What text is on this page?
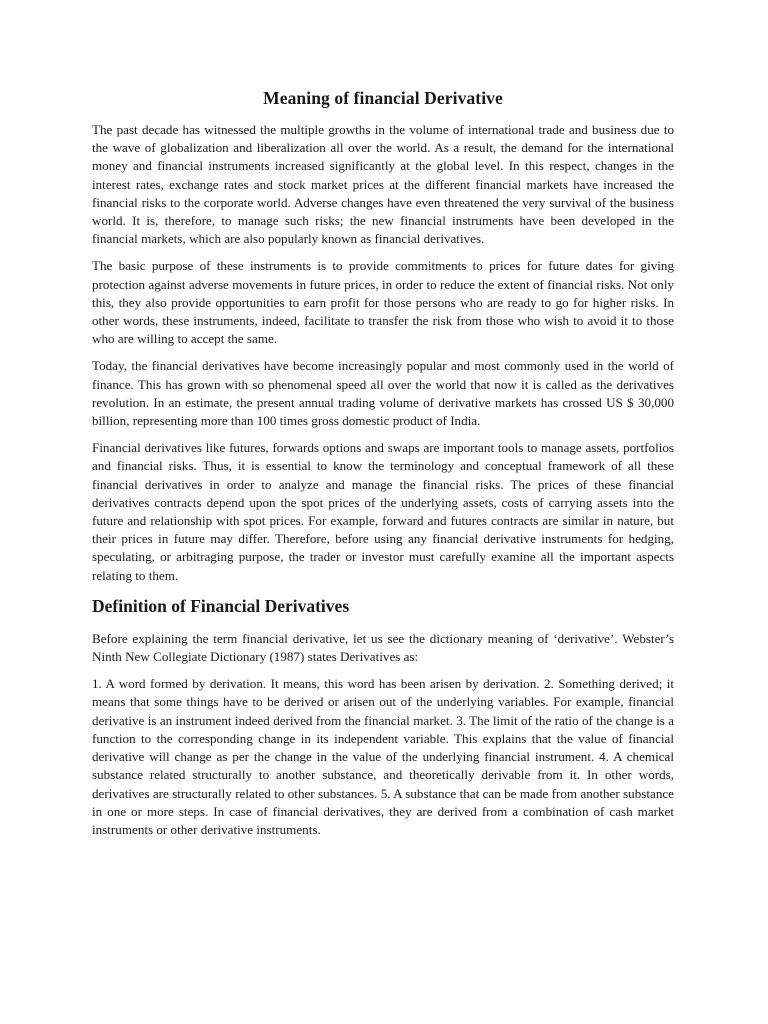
Meaning of financial Derivative

The past decade has witnessed the multiple growths in the volume of international trade and business due to the wave of globalization and liberalization all over the world. As a result, the demand for the international money and financial instruments increased significantly at the global level. In this respect, changes in the interest rates, exchange rates and stock market prices at the different financial markets have increased the financial risks to the corporate world. Adverse changes have even threatened the very survival of the business world. It is, therefore, to manage such risks; the new financial instruments have been developed in the financial markets, which are also popularly known as financial derivatives.

The basic purpose of these instruments is to provide commitments to prices for future dates for giving protection against adverse movements in future prices, in order to reduce the extent of financial risks. Not only this, they also provide opportunities to earn profit for those persons who are ready to go for higher risks. In other words, these instruments, indeed, facilitate to transfer the risk from those who wish to avoid it to those who are willing to accept the same.

Today, the financial derivatives have become increasingly popular and most commonly used in the world of finance. This has grown with so phenomenal speed all over the world that now it is called as the derivatives revolution. In an estimate, the present annual trading volume of derivative markets has crossed US $ 30,000 billion, representing more than 100 times gross domestic product of India.

Financial derivatives like futures, forwards options and swaps are important tools to manage assets, portfolios and financial risks. Thus, it is essential to know the terminology and conceptual framework of all these financial derivatives in order to analyze and manage the financial risks. The prices of these financial derivatives contracts depend upon the spot prices of the underlying assets, costs of carrying assets into the future and relationship with spot prices. For example, forward and futures contracts are similar in nature, but their prices in future may differ. Therefore, before using any financial derivative instruments for hedging, speculating, or arbitraging purpose, the trader or investor must carefully examine all the important aspects relating to them.

Definition of Financial Derivatives

Before explaining the term financial derivative, let us see the dictionary meaning of ‘derivative’. Webster’s Ninth New Collegiate Dictionary (1987) states Derivatives as:

1. A word formed by derivation. It means, this word has been arisen by derivation. 2. Something derived; it means that some things have to be derived or arisen out of the underlying variables. For example, financial derivative is an instrument indeed derived from the financial market. 3. The limit of the ratio of the change is a function to the corresponding change in its independent variable. This explains that the value of financial derivative will change as per the change in the value of the underlying financial instrument. 4. A chemical substance related structurally to another substance, and theoretically derivable from it. In other words, derivatives are structurally related to other substances. 5. A substance that can be made from another substance in one or more steps. In case of financial derivatives, they are derived from a combination of cash market instruments or other derivative instruments.
